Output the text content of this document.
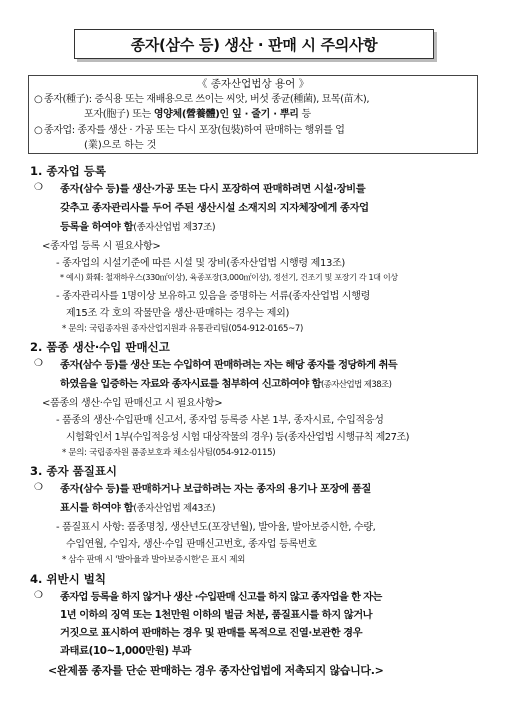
종자(삼수 등) 생산 · 판매 시 주의사항
《 종자산업법상 용어 》
○ 종자(種子): 증식용 또는 재배용으로 쓰이는 씨앗, 버섯 종균(種菌), 묘목(苗木),
포자(胞子) 또는 영양체(營養體)인 잎 · 줄기 · 뿌리 등
○ 종자업: 종자를 생산 · 가공 또는 다시 포장(包裝)하여 판매하는 행위를 업
(業)으로 하는 것
1. 종자업 등록
❍ 종자(삼수 등)를 생산·가공 또는 다시 포장하여 판매하려면 시설·장비를
갖추고 종자관리사를 두어 주된 생산시설 소재지의 지자체장에게 종자업
등록을 하여야 함(종자산업법 제37조)
<종자업 등록 시 필요사항>
- 종자업의 시설기준에 따른 시설 및 장비(종자산업법 시행령 제13조)
* 예시) 화훼: 철재하우스(330㎡이상), 육종포장(3,000㎡이상), 정선기, 건조기 및 포장기 각 1대 이상
- 종자관리사를 1명이상 보유하고 있음을 증명하는 서류(종자산업법 시행령
제15조 각 호의 작물만을 생산·판매하는 경우는 제외)
* 문의: 국립종자원 종자산업지원과 유통관리팀(054-912-0165~7)
2. 품종 생산·수입 판매신고
❍ 종자(삼수 등)를 생산 또는 수입하여 판매하려는 자는 해당 종자를 정당하게 취득
하였음을 입증하는 자료와 종자시료를 첨부하여 신고하여야 함(종자산업법 제38조)
<품종의 생산·수입 판매신고 시 필요사항>
- 품종의 생산·수입판매 신고서, 종자업 등록증 사본 1부, 종자시료, 수입적응성
시험확인서 1부(수입적응성 시험 대상작물의 경우) 등(종자산업법 시행규칙 제27조)
* 문의: 국립종자원 품종보호과 채소심사팀(054-912-0115)
3. 종자 품질표시
❍ 종자(삼수 등)를 판매하거나 보급하려는 자는 종자의 용기나 포장에 품질
표시를 하여야 함(종자산업법 제43조)
- 품질표시 사항: 품종명칭, 생산년도(포장년월), 발아율, 발아보증시한, 수량,
수입연월, 수입자, 생산·수입 판매신고번호, 종자업 등록번호
* 삼수 판매 시 '발아율과 발아보증시한'은 표시 제외
4. 위반시 벌칙
❍ 종자업 등록을 하지 않거나 생산 ·수입판매 신고를 하지 않고 종자업을 한 자는
1년 이하의 징역 또는 1천만원 이하의 벌금 처분, 품질표시를 하지 않거나
거짓으로 표시하여 판매하는 경우 및 판매를 목적으로 진열·보관한 경우
과태료(10~1,000만원) 부과
<완제품 종자를 단순 판매하는 경우 종자산업법에 저촉되지 않습니다.>
